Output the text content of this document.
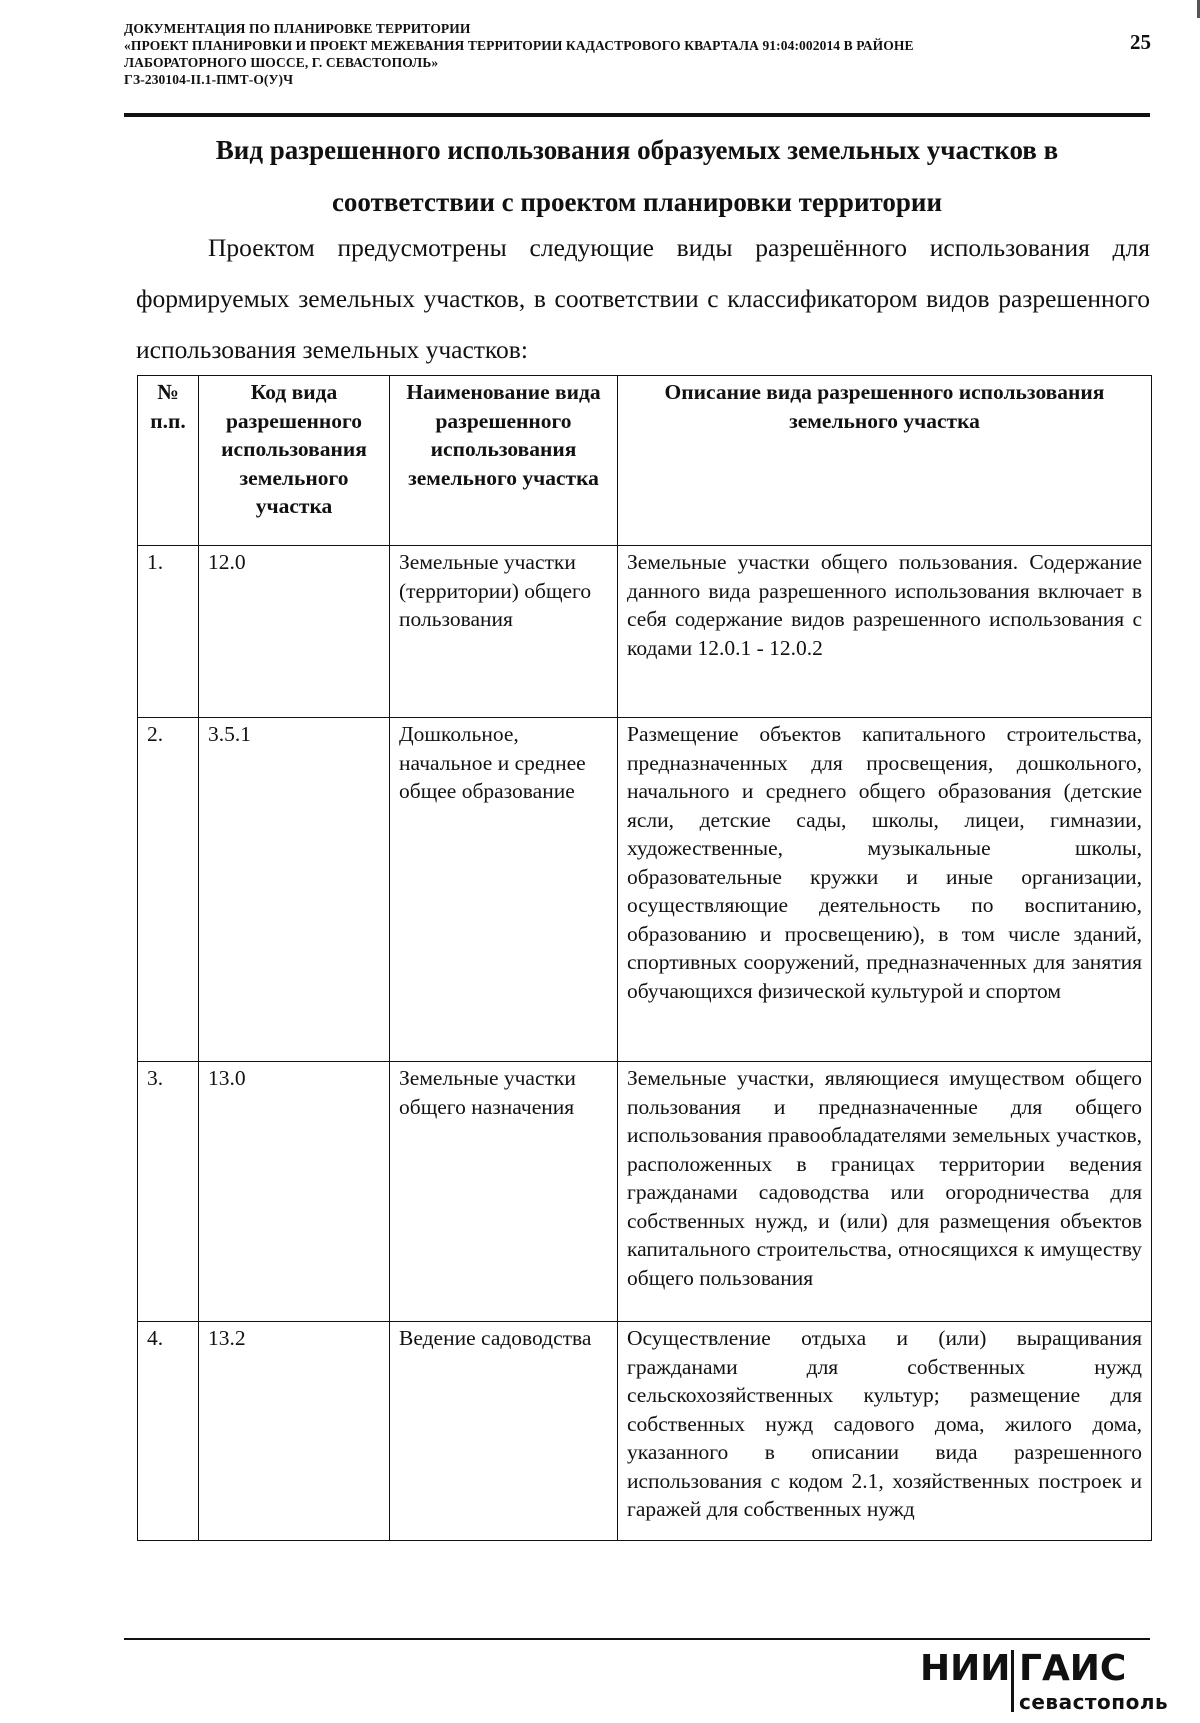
ДОКУМЕНТАЦИЯ ПО ПЛАНИРОВКЕ ТЕРРИТОРИИ
«ПРОЕКТ ПЛАНИРОВКИ И ПРОЕКТ МЕЖЕВАНИЯ ТЕРРИТОРИИ КАДАСТРОВОГО КВАРТАЛА 91:04:002014 В РАЙОНЕ
ЛАБОРАТОРНОГО ШОССЕ, Г. СЕВАСТОПОЛЬ»
ГЗ-230104-II.1-ПМТ-О(У)Ч
25
Вид разрешенного использования образуемых земельных участков в
соответствии с проектом планировки территории
Проектом предусмотрены следующие виды разрешённого использования для формируемых земельных участков, в соответствии с классификатором видов разрешенного использования земельных участков:
№ п.п.	Код вида разрешенного использования земельного участка	Наименование вида разрешенного использования земельного участка	Описание вида разрешенного использования земельного участка
1.	12.0	Земельные участки (территории) общего пользования	Земельные участки общего пользования. Содержание данного вида разрешенного использования включает в себя содержание видов разрешенного использования с кодами 12.0.1 - 12.0.2
2.	3.5.1	Дошкольное, начальное и среднее общее образование	Размещение объектов капитального строительства, предназначенных для просвещения, дошкольного, начального и среднего общего образования (детские ясли, детские сады, школы, лицеи, гимназии, художественные, музыкальные школы, образовательные кружки и иные организации, осуществляющие деятельность по воспитанию, образованию и просвещению), в том числе зданий, спортивных сооружений, предназначенных для занятия обучающихся физической культурой и спортом
3.	13.0	Земельные участки общего назначения	Земельные участки, являющиеся имуществом общего пользования и предназначенные для общего использования правообладателями земельных участков, расположенных в границах территории ведения гражданами садоводства или огородничества для собственных нужд, и (или) для размещения объектов капитального строительства, относящихся к имуществу общего пользования
4.	13.2	Ведение садоводства	Осуществление отдыха и (или) выращивания гражданами для собственных нужд сельскохозяйственных культур; размещение для собственных нужд садового дома, жилого дома, указанного в описании вида разрешенного использования с кодом 2.1, хозяйственных построек и гаражей для собственных нужд
НИИ ГАИС
севастополь
